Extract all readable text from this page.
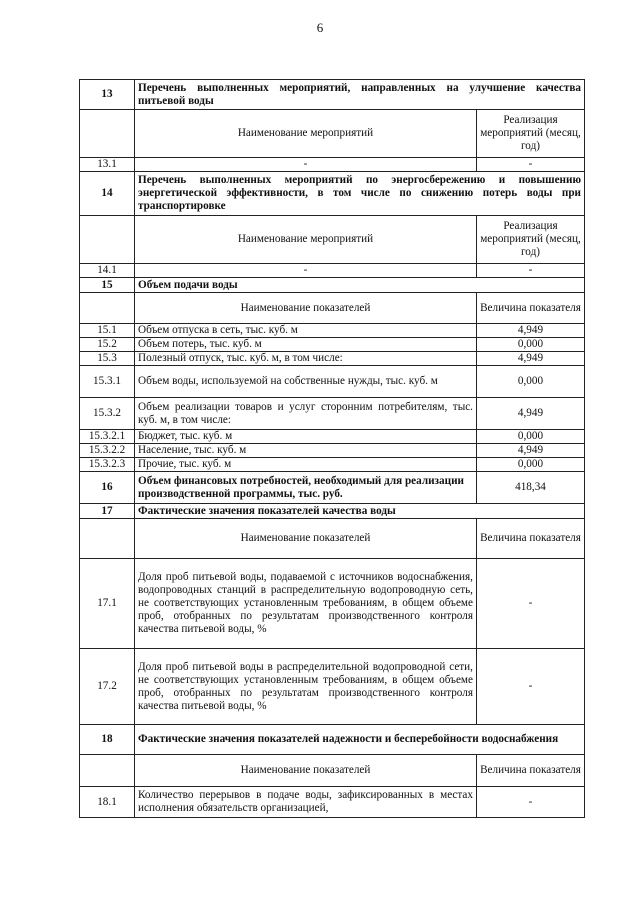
6
13	Перечень выполненных мероприятий, направленных на улучшение качества питьевой воды	
	Наименование мероприятий	Реализация мероприятий (месяц, год)
13.1	-	-
14	Перечень выполненных мероприятий по энергосбережению и повышению энергетической эффективности, в том числе по снижению потерь воды при транспортировке	
	Наименование мероприятий	Реализация мероприятий (месяц, год)
14.1	-	-
15	Объем подачи воды	
	Наименование показателей	Величина показателя
15.1	Объем отпуска в сеть, тыс. куб. м	4,949
15.2	Объем потерь, тыс. куб. м	0,000
15.3	Полезный отпуск, тыс. куб. м, в том числе:	4,949
15.3.1	Объем воды, используемой на собственные нужды, тыс. куб. м	0,000
15.3.2	Объем реализации товаров и услуг сторонним потребителям, тыс. куб. м, в том числе:	4,949
15.3.2.1	Бюджет, тыс. куб. м	0,000
15.3.2.2	Население, тыс. куб. м	4,949
15.3.2.3	Прочие, тыс. куб. м	0,000
16	Объем финансовых потребностей, необходимый для реализации производственной программы, тыс. руб.	418,34
17	Фактические значения показателей качества воды	
	Наименование показателей	Величина показателя
17.1	Доля проб питьевой воды, подаваемой с источников водоснабжения, водопроводных станций в распределительную водопроводную сеть, не соответствующих установленным требованиям, в общем объеме проб, отобранных по результатам производственного контроля качества питьевой воды, %	-
17.2	Доля проб питьевой воды в распределительной водопроводной сети, не соответствующих установленным требованиям, в общем объеме проб, отобранных по результатам производственного контроля качества питьевой воды, %	-
18	Фактические значения показателей надежности и бесперебойности водоснабжения	
	Наименование показателей	Величина показателя
18.1	Количество перерывов в подаче воды, зафиксированных в местах исполнения обязательств организацией,	-
